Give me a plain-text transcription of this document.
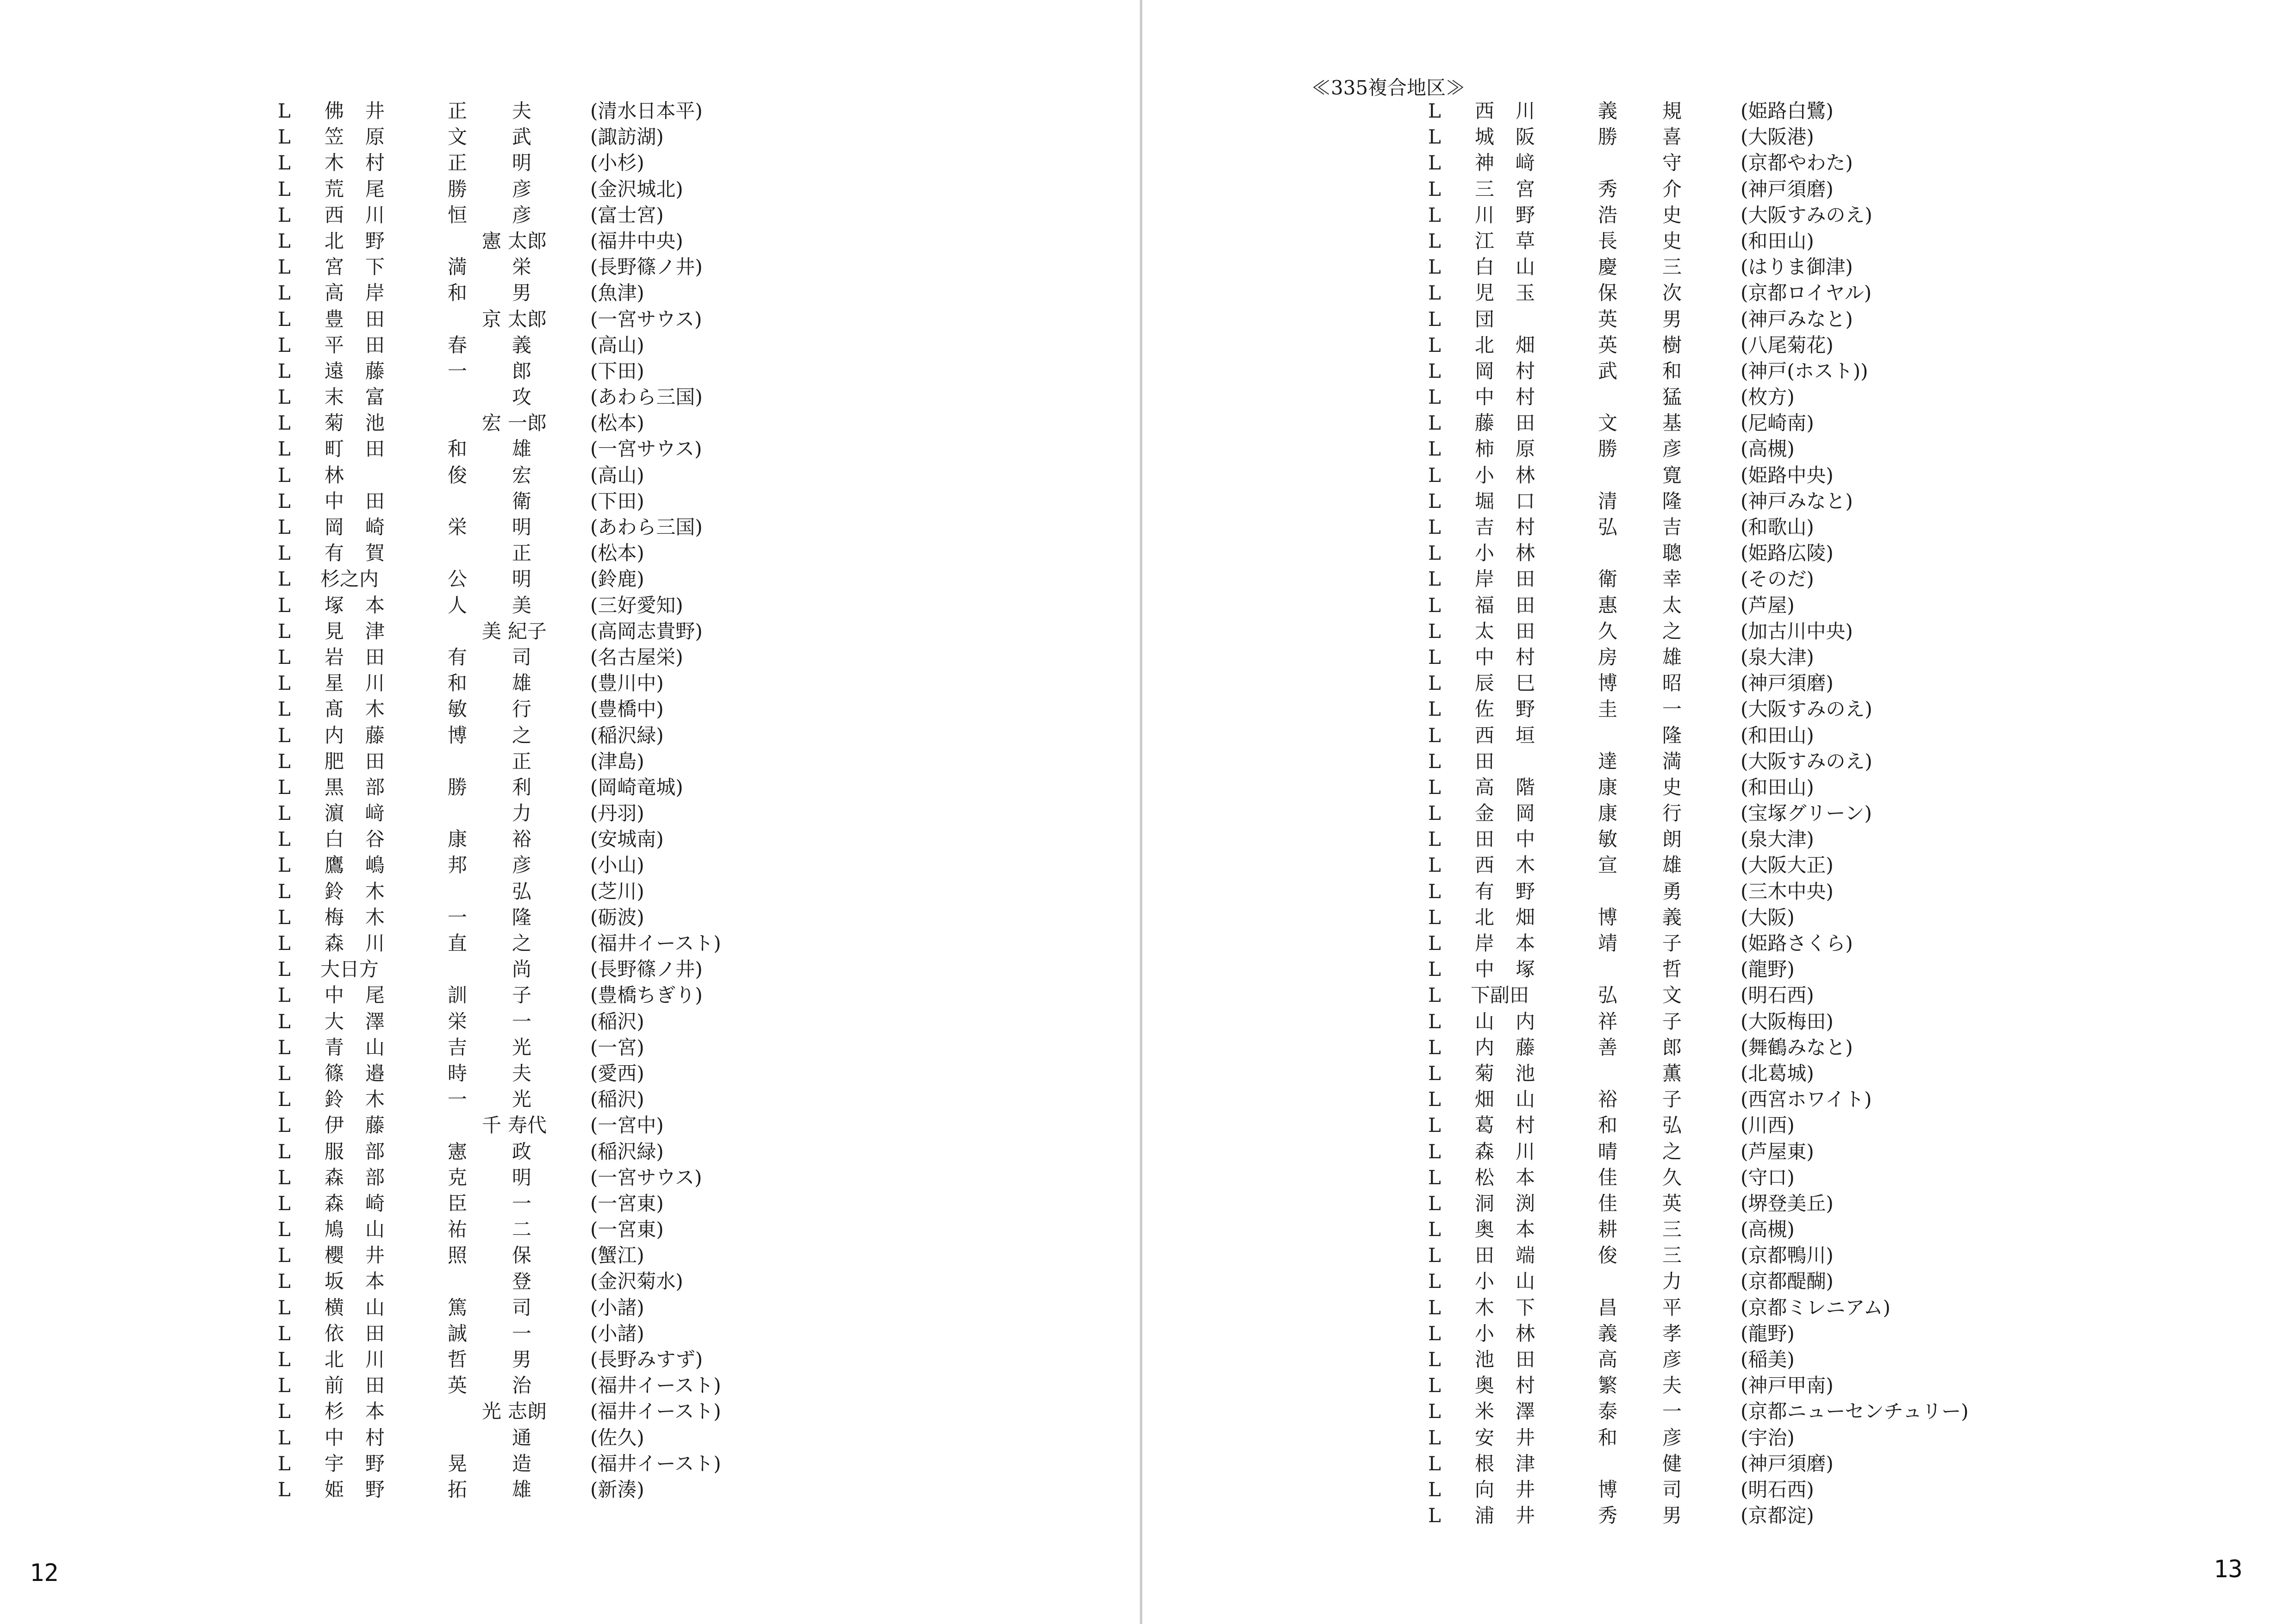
≪335複合地区≫
L 佛 井	正 夫	(清水日本平)
L 笠 原	文 武	(諏訪湖)
L 木 村	正 明	(小杉)
L 荒 尾	勝 彦	(金沢城北)
L 西 川	恒 彦	(富士宮)
L 北 野	憲 太郎 (福井中央)
L 宮 下	満 栄	(長野篠ノ井)
L 高 岸	和 男	(魚津)
L 豊 田	京 太郎 (一宮サウス)
L 平 田	春 義	(高山)
L 遠 藤	一 郎	(下田)
L 末 富	攻	(あわら三国)
L 菊 池	宏 一郎 (松本)
L 町 田	和 雄	(一宮サウス)
L 林	俊 宏	(高山)
L 中 田	衛	(下田)
L 岡 崎	栄 明	(あわら三国)
L 有 賀	正	(松本)
L 杉之内	公 明	(鈴鹿)
L 塚 本	人 美	(三好愛知)
L 見 津	美 紀子 (高岡志貴野)
L 岩 田	有 司	(名古屋栄)
L 星 川	和 雄	(豊川中)
L 髙 木	敏 行	(豊橋中)
L 内 藤	博 之	(稲沢緑)
L 肥 田	正	(津島)
L 黒 部	勝 利	(岡崎竜城)
L 濵 﨑	力	(丹羽)
L 白 谷	康 裕	(安城南)
L 鷹 嶋	邦 彦	(小山)
L 鈴 木	弘	(芝川)
L 梅 木	一 隆	(砺波)
L 森 川	直 之	(福井イースト)
L 大日方	尚	(長野篠ノ井)
L 中 尾	訓 子	(豊橋ちぎり)
L 大 澤	栄 一	(稲沢)
L 青 山	吉 光	(一宮)
L 篠 邉	時 夫	(愛西)
L 鈴 木	一 光	(稲沢)
L 伊 藤	千 寿代 (一宮中)
L 服 部	憲 政	(稲沢緑)
L 森 部	克 明	(一宮サウス)
L 森 崎	臣 一	(一宮東)
L 鳩 山	祐 二	(一宮東)
L 櫻 井	照 保	(蟹江)
L 坂 本	登	(金沢菊水)
L 横 山	篤 司	(小諸)
L 依 田	誠 一	(小諸)
L 北 川	哲 男	(長野みすず)
L 前 田	英 治	(福井イースト)
L 杉 本	光 志朗 (福井イースト)
L 中 村	通	(佐久)
L 宇 野	晃 造	(福井イースト)
L 姫 野	拓 雄	(新湊)
L 西 川	義 規	(姫路白鷺)
L 城 阪	勝 喜	(大阪港)
L 神 﨑	守	(京都やわた)
L 三 宮	秀 介	(神戸須磨)
L 川 野	浩 史	(大阪すみのえ)
L 江 草	長 史	(和田山)
L 白 山	慶 三	(はりま御津)
L 児 玉	保 次	(京都ロイヤル)
L 団	英 男	(神戸みなと)
L 北 畑	英 樹	(八尾菊花)
L 岡 村	武 和	(神戸(ホスト))
L 中 村	猛	(枚方)
L 藤 田	文 基	(尼崎南)
L 柿 原	勝 彦	(高槻)
L 小 林	寛	(姫路中央)
L 堀 口	清 隆	(神戸みなと)
L 吉 村	弘 吉	(和歌山)
L 小 林	聰	(姫路広陵)
L 岸 田	衛 幸	(そのだ)
L 福 田	惠 太	(芦屋)
L 太 田	久 之	(加古川中央)
L 中 村	房 雄	(泉大津)
L 辰 巳	博 昭	(神戸須磨)
L 佐 野	圭 一	(大阪すみのえ)
L 西 垣	隆	(和田山)
L 田	達 満	(大阪すみのえ)
L 高 階	康 史	(和田山)
L 金 岡	康 行	(宝塚グリーン)
L 田 中	敏 朗	(泉大津)
L 西 木	宣 雄	(大阪大正)
L 有 野	勇	(三木中央)
L 北 畑	博 義	(大阪)
L 岸 本	靖 子	(姫路さくら)
L 中 塚	哲	(龍野)
L 下副田	弘 文	(明石西)
L 山 内	祥 子	(大阪梅田)
L 内 藤	善 郎	(舞鶴みなと)
L 菊 池	薫	(北葛城)
L 畑 山	裕 子	(西宮ホワイト)
L 葛 村	和 弘	(川西)
L 森 川	晴 之	(芦屋東)
L 松 本	佳 久	(守口)
L 洞 渕	佳 英	(堺登美丘)
L 奥 本	耕 三	(高槻)
L 田 端	俊 三	(京都鴨川)
L 小 山	力	(京都醍醐)
L 木 下	昌 平	(京都ミレニアム)
L 小 林	義 孝	(龍野)
L 池 田	高 彦	(稲美)
L 奥 村	繁 夫	(神戸甲南)
L 米 澤	泰 一	(京都ニューセンチュリー)
L 安 井	和 彦	(宇治)
L 根 津	健	(神戸須磨)
L 向 井	博 司	(明石西)
L 浦 井	秀 男	(京都淀)
12	13
